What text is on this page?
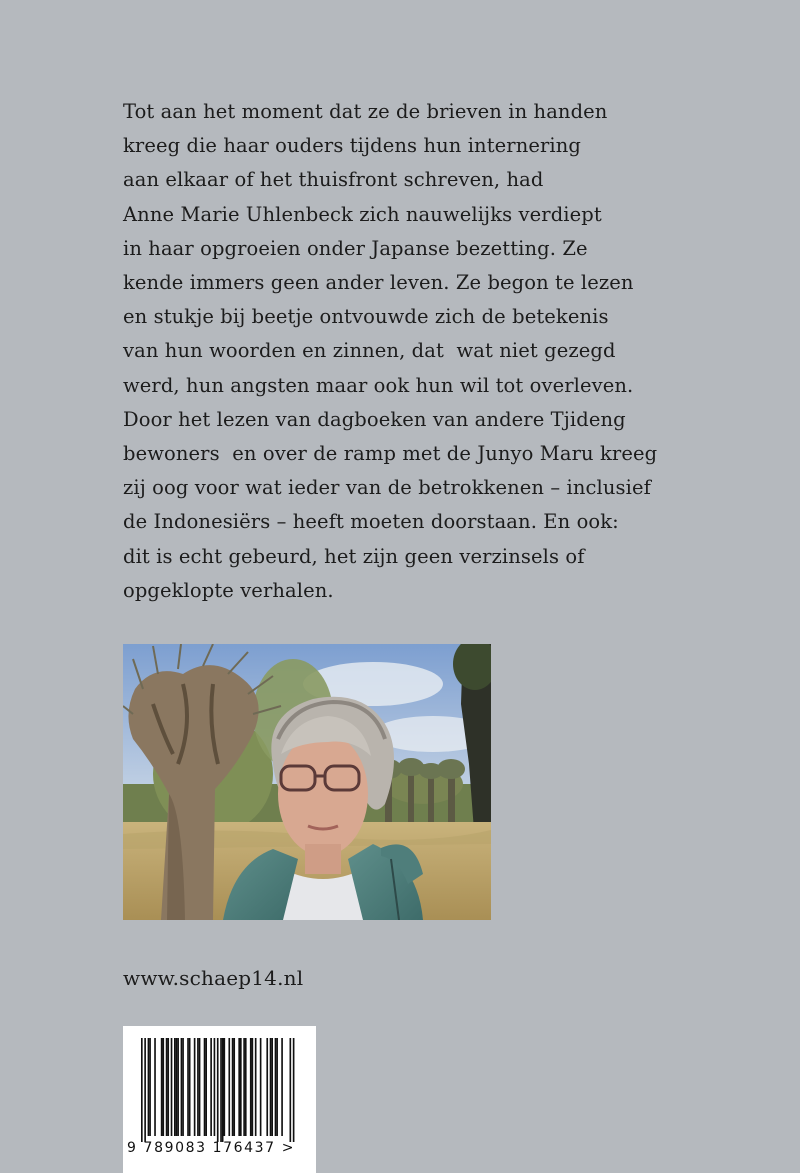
Tot aan het moment dat ze de brieven in handen
kreeg die haar ouders tijdens hun internering
aan elkaar of het thuisfront schreven, had
Anne Marie Uhlenbeck zich nauwelijks verdiept
in haar opgroeien onder Japanse bezetting. Ze
kende immers geen ander leven. Ze begon te lezen
en stukje bij beetje ontvouwde zich de betekenis
van hun woorden en zinnen, dat  wat niet gezegd
werd, hun angsten maar ook hun wil tot overleven.
Door het lezen van dagboeken van andere Tjideng
bewoners  en over de ramp met de Junyo Maru kreeg
zij oog voor wat ieder van de betrokkenen – inclusief
de Indonesiërs – heeft moeten doorstaan. En ook:
dit is echt gebeurd, het zijn geen verzinsels of
opgeklopte verhalen.
www.schaep14.nl
9 789083 176437 >
